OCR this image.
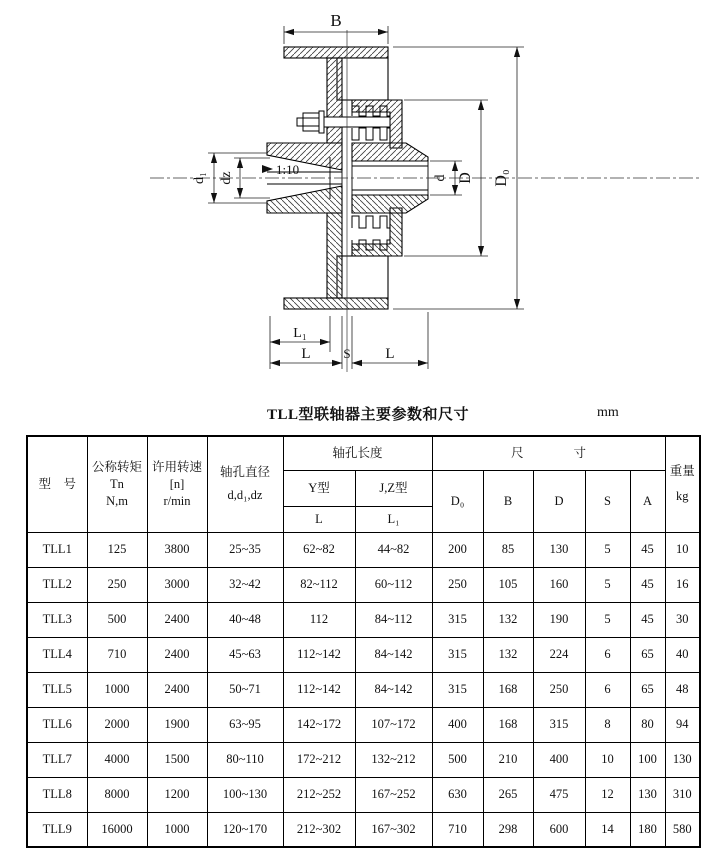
1:10
B
D₀
D
d
d₁ dz
L₁
L	S L
TLL型联轴器主要参数和尺寸	mm
型　号	公称转矩
Tn
N,m	许用转速
[n]
r/min	轴孔直径
d,d₁,dz	轴孔长度		尺　　　　寸					重量
kg

				Y型	J,Z型	D₀	B	D	S	A	
				L	L₁						
TLL1	125	3800	25~35	62~82	44~82	200	85	130	5	45	10
TLL2	250	3000	32~42	82~112	60~112	250	105	160	5	45	16
TLL3	500	2400	40~48	112	84~112	315	132	190	5	45	30
TLL4	710	2400	45~63	112~142	84~142	315	132	224	6	65	40
TLL5	1000	2400	50~71	112~142	84~142	315	168	250	6	65	48
TLL6	2000	1900	63~95	142~172	107~172	400	168	315	8	80	94
TLL7	4000	1500	80~110	172~212	132~212	500	210	400	10	100	130
TLL8	8000	1200	100~130	212~252	167~252	630	265	475	12	130	310
TLL9	16000	1000	120~170	212~302	167~302	710	298	600	14	180	580
